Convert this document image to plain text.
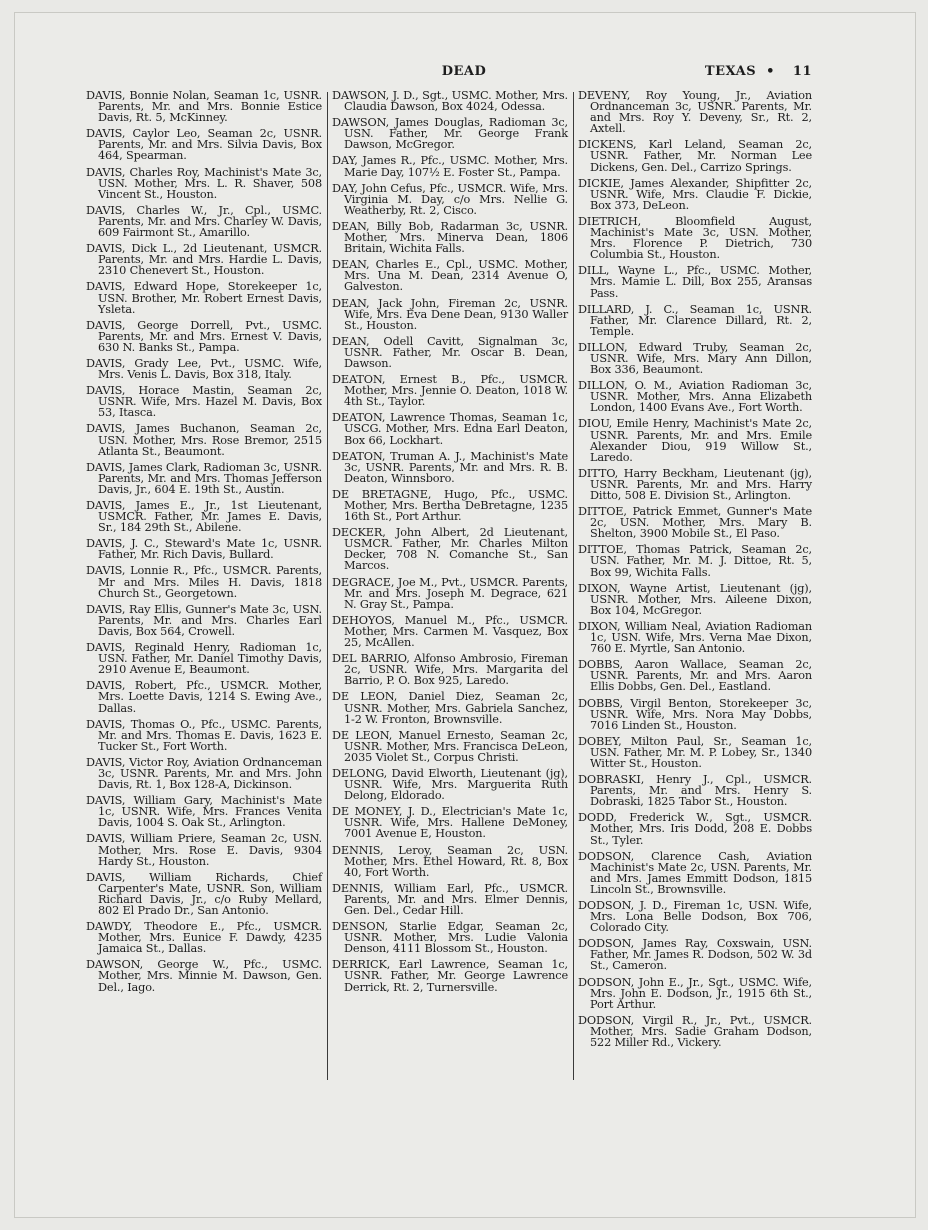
DEAD	TEXAS • 11
DAVIS, Bonnie Nolan, Seaman 1c, USNR. Parents, Mr. and Mrs. Bonnie Estice Davis, Rt. 5, McKinney.
DAVIS, Caylor Leo, Seaman 2c, USNR. Parents, Mr. and Mrs. Silvia Davis, Box 464, Spearman.
DAVIS, Charles Roy, Machinist's Mate 3c, USN. Mother, Mrs. L. R. Shaver, 508 Vincent St., Houston.
DAVIS, Charles W., Jr., Cpl., USMC. Parents, Mr. and Mrs. Charley W. Davis, 609 Fairmont St., Amarillo.
DAVIS, Dick L., 2d Lieutenant, USMCR. Parents, Mr. and Mrs. Hardie L. Davis, 2310 Chenevert St., Houston.
DAVIS, Edward Hope, Storekeeper 1c, USN. Brother, Mr. Robert Ernest Davis, Ysleta.
DAVIS, George Dorrell, Pvt., USMC. Parents, Mr. and Mrs. Ernest V. Davis, 630 N. Banks St., Pampa.
DAVIS, Grady Lee, Pvt., USMC. Wife, Mrs. Venis L. Davis, Box 318, Italy.
DAVIS, Horace Mastin, Seaman 2c, USNR. Wife, Mrs. Hazel M. Davis, Box 53, Itasca.
DAVIS, James Buchanon, Seaman 2c, USN. Mother, Mrs. Rose Bremor, 2515 Atlanta St., Beaumont.
DAVIS, James Clark, Radioman 3c, USNR. Parents, Mr. and Mrs. Thomas Jefferson Davis, Jr., 604 E. 19th St., Austin.
DAVIS, James E., Jr., 1st Lieutenant, USMCR. Father, Mr. James E. Davis, Sr., 184 29th St., Abilene.
DAVIS, J. C., Steward's Mate 1c, USNR. Father, Mr. Rich Davis, Bullard.
DAVIS, Lonnie R., Pfc., USMCR. Parents, Mr and Mrs. Miles H. Davis, 1818 Church St., Georgetown.
DAVIS, Ray Ellis, Gunner's Mate 3c, USN. Parents, Mr. and Mrs. Charles Earl Davis, Box 564, Crowell.
DAVIS, Reginald Henry, Radioman 1c, USN. Father, Mr. Daniel Timothy Davis, 2910 Avenue E, Beaumont.
DAVIS, Robert, Pfc., USMCR. Mother, Mrs. Loette Davis, 1214 S. Ewing Ave., Dallas.
DAVIS, Thomas O., Pfc., USMC. Parents, Mr. and Mrs. Thomas E. Davis, 1623 E. Tucker St., Fort Worth.
DAVIS, Victor Roy, Aviation Ordnanceman 3c, USNR. Parents, Mr. and Mrs. John Davis, Rt. 1, Box 128-A, Dickinson.
DAVIS, William Gary, Machinist's Mate 1c, USNR. Wife, Mrs. Frances Venita Davis, 1004 S. Oak St., Arlington.
DAVIS, William Priere, Seaman 2c, USN. Mother, Mrs. Rose E. Davis, 9304 Hardy St., Houston.
DAVIS, William Richards, Chief Carpenter's Mate, USNR. Son, William Richard Davis, Jr., c/o Ruby Mellard, 802 El Prado Dr., San Antonio.
DAWDY, Theodore E., Pfc., USMCR. Mother, Mrs. Eunice F. Dawdy, 4235 Jamaica St., Dallas.
DAWSON, George W., Pfc., USMC. Mother, Mrs. Minnie M. Dawson, Gen. Del., Iago.
DAWSON, J. D., Sgt., USMC. Mother, Mrs. Claudia Dawson, Box 4024, Odessa.
DAWSON, James Douglas, Radioman 3c, USN. Father, Mr. George Frank Dawson, McGregor.
DAY, James R., Pfc., USMC. Mother, Mrs. Marie Day, 107½ E. Foster St., Pampa.
DAY, John Cefus, Pfc., USMCR. Wife, Mrs. Virginia M. Day, c/o Mrs. Nellie G. Weatherby, Rt. 2, Cisco.
DEAN, Billy Bob, Radarman 3c, USNR. Mother, Mrs. Minerva Dean, 1806 Britain, Wichita Falls.
DEAN, Charles E., Cpl., USMC. Mother, Mrs. Una M. Dean, 2314 Avenue O, Galveston.
DEAN, Jack John, Fireman 2c, USNR. Wife, Mrs. Eva Dene Dean, 9130 Waller St., Houston.
DEAN, Odell Cavitt, Signalman 3c, USNR. Father, Mr. Oscar B. Dean, Dawson.
DEATON, Ernest B., Pfc., USMCR. Mother, Mrs. Jennie O. Deaton, 1018 W. 4th St., Taylor.
DEATON, Lawrence Thomas, Seaman 1c, USCG. Mother, Mrs. Edna Earl Deaton, Box 66, Lockhart.
DEATON, Truman A. J., Machinist's Mate 3c, USNR. Parents, Mr. and Mrs. R. B. Deaton, Winnsboro.
DE BRETAGNE, Hugo, Pfc., USMC. Mother, Mrs. Bertha DeBretagne, 1235 16th St., Port Arthur.
DECKER, John Albert, 2d Lieutenant, USMCR. Father, Mr. Charles Milton Decker, 708 N. Comanche St., San Marcos.
DEGRACE, Joe M., Pvt., USMCR. Parents, Mr. and Mrs. Joseph M. Degrace, 621 N. Gray St., Pampa.
DEHOYOS, Manuel M., Pfc., USMCR. Mother, Mrs. Carmen M. Vasquez, Box 25, McAllen.
DEL BARRIO, Alfonso Ambrosio, Fireman 2c, USNR. Wife, Mrs. Margarita del Barrio, P. O. Box 925, Laredo.
DE LEON, Daniel Diez, Seaman 2c, USNR. Mother, Mrs. Gabriela Sanchez, 1-2 W. Fronton, Brownsville.
DE LEON, Manuel Ernesto, Seaman 2c, USNR. Mother, Mrs. Francisca DeLeon, 2035 Violet St., Corpus Christi.
DELONG, David Elworth, Lieutenant (jg), USNR. Wife, Mrs. Marguerita Ruth Delong, Eldorado.
DE MONEY, J. D., Electrician's Mate 1c, USNR. Wife, Mrs. Hallene DeMoney, 7001 Avenue E, Houston.
DENNIS, Leroy, Seaman 2c, USN. Mother, Mrs. Ethel Howard, Rt. 8, Box 40, Fort Worth.
DENNIS, William Earl, Pfc., USMCR. Parents, Mr. and Mrs. Elmer Dennis, Gen. Del., Cedar Hill.
DENSON, Starlie Edgar, Seaman 2c, USNR. Mother, Mrs. Ludie Valonia Denson, 4111 Blossom St., Houston.
DERRICK, Earl Lawrence, Seaman 1c, USNR. Father, Mr. George Lawrence Derrick, Rt. 2, Turnersville.
DEVENY, Roy Young, Jr., Aviation Ordnanceman 3c, USNR. Parents, Mr. and Mrs. Roy Y. Deveny, Sr., Rt. 2, Axtell.
DICKENS, Karl Leland, Seaman 2c, USNR. Father, Mr. Norman Lee Dickens, Gen. Del., Carrizo Springs.
DICKIE, James Alexander, Shipfitter 2c, USNR. Wife, Mrs. Claudie F. Dickie, Box 373, DeLeon.
DIETRICH, Bloomfield August, Machinist's Mate 3c, USN. Mother, Mrs. Florence P. Dietrich, 730 Columbia St., Houston.
DILL, Wayne L., Pfc., USMC. Mother, Mrs. Mamie L. Dill, Box 255, Aransas Pass.
DILLARD, J. C., Seaman 1c, USNR. Father, Mr. Clarence Dillard, Rt. 2, Temple.
DILLON, Edward Truby, Seaman 2c, USNR. Wife, Mrs. Mary Ann Dillon, Box 336, Beaumont.
DILLON, O. M., Aviation Radioman 3c, USNR. Mother, Mrs. Anna Elizabeth London, 1400 Evans Ave., Fort Worth.
DIOU, Emile Henry, Machinist's Mate 2c, USNR. Parents, Mr. and Mrs. Emile Alexander Diou, 919 Willow St., Laredo.
DITTO, Harry Beckham, Lieutenant (jg), USNR. Parents, Mr. and Mrs. Harry Ditto, 508 E. Division St., Arlington.
DITTOE, Patrick Emmet, Gunner's Mate 2c, USN. Mother, Mrs. Mary B. Shelton, 3900 Mobile St., El Paso.
DITTOE, Thomas Patrick, Seaman 2c, USN. Father, Mr. M. J. Dittoe, Rt. 5, Box 99, Wichita Falls.
DIXON, Wayne Artist, Lieutenant (jg), USNR. Mother, Mrs. Aileene Dixon, Box 104, McGregor.
DIXON, William Neal, Aviation Radioman 1c, USN. Wife, Mrs. Verna Mae Dixon, 760 E. Myrtle, San Antonio.
DOBBS, Aaron Wallace, Seaman 2c, USNR. Parents, Mr. and Mrs. Aaron Ellis Dobbs, Gen. Del., Eastland.
DOBBS, Virgil Benton, Storekeeper 3c, USNR. Wife, Mrs. Nora May Dobbs, 7016 Linden St., Houston.
DOBEY, Milton Paul, Sr., Seaman 1c, USN. Father, Mr. M. P. Lobey, Sr., 1340 Witter St., Houston.
DOBRASKI, Henry J., Cpl., USMCR. Parents, Mr. and Mrs. Henry S. Dobraski, 1825 Tabor St., Houston.
DODD, Frederick W., Sgt., USMCR. Mother, Mrs. Iris Dodd, 208 E. Dobbs St., Tyler.
DODSON, Clarence Cash, Aviation Machinist's Mate 2c, USN. Parents, Mr. and Mrs. James Emmitt Dodson, 1815 Lincoln St., Brownsville.
DODSON, J. D., Fireman 1c, USN. Wife, Mrs. Lona Belle Dodson, Box 706, Colorado City.
DODSON, James Ray, Coxswain, USN. Father, Mr. James R. Dodson, 502 W. 3d St., Cameron.
DODSON, John E., Jr., Sgt., USMC. Wife, Mrs. John E. Dodson, Jr., 1915 6th St., Port Arthur.
DODSON, Virgil R., Jr., Pvt., USMCR. Mother, Mrs. Sadie Graham Dodson, 522 Miller Rd., Vickery.
